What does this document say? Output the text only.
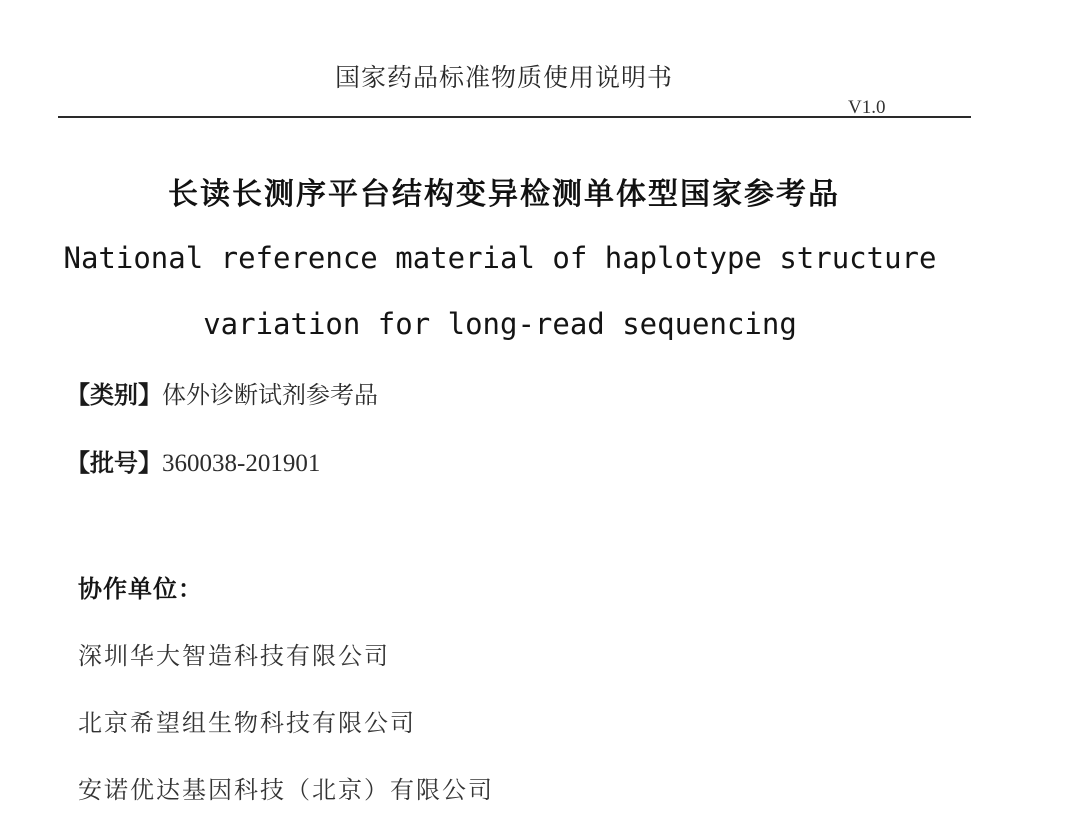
国家药品标准物质使用说明书
V1.0
长读长测序平台结构变异检测单体型国家参考品
National reference material of haplotype structure
variation for long-read sequencing
【类别】体外诊断试剂参考品
【批号】360038-201901
协作单位：
深圳华大智造科技有限公司
北京希望组生物科技有限公司
安诺优达基因科技（北京）有限公司
